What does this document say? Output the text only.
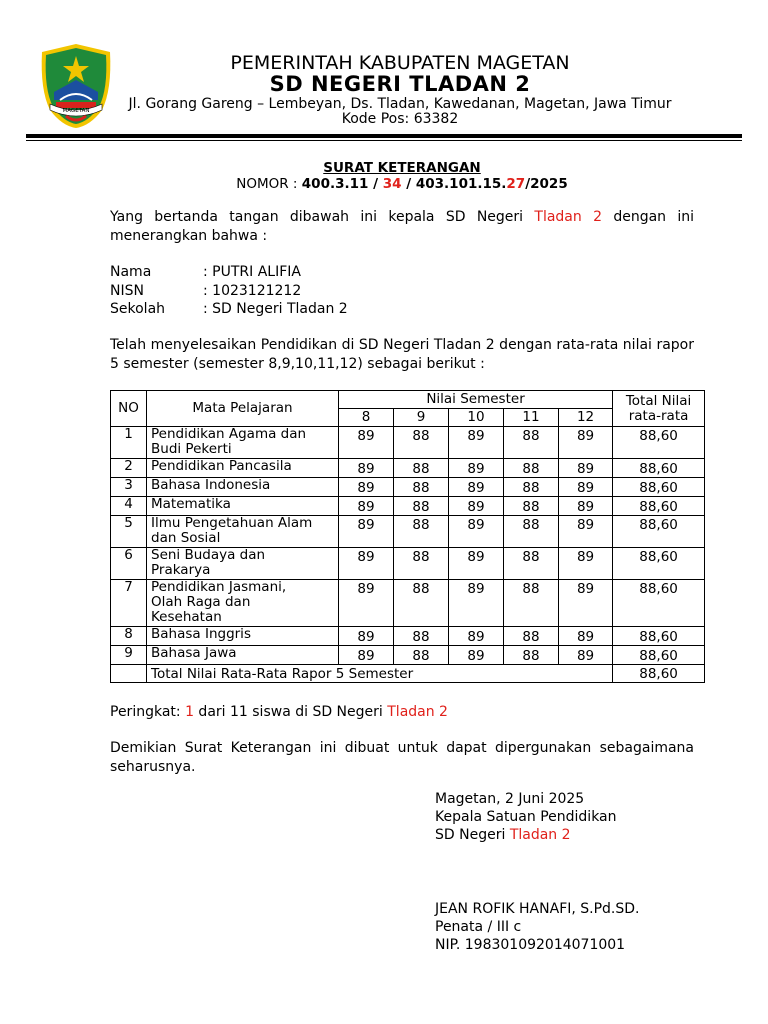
MAGETAN
PEMERINTAH KABUPATEN MAGETAN
SD NEGERI TLADAN 2
Jl. Gorang Gareng – Lembeyan, Ds. Tladan, Kawedanan, Magetan, Jawa Timur
Kode Pos: 63382
SURAT KETERANGAN
NOMOR : 400.3.11 / 34 / 403.101.15.27/2025
Yang bertanda tangan dibawah ini kepala SD Negeri Tladan 2 dengan ini menerangkan bahwa :
Nama	: PUTRI ALIFIA
NISN	: 1023121212
Sekolah	: SD Negeri Tladan 2
Telah menyelesaikan Pendidikan di SD Negeri Tladan 2 dengan rata-rata nilai rapor 5 semester (semester 8,9,10,11,12) sebagai berikut :
NO	Mata Pelajaran	Nilai Semester					Total Nilai
rata-rata
		8	9	10	11	12	
1	Pendidikan Agama dan
Budi Pekerti	89	88	89	88	89	88,60
2	Pendidikan Pancasila	89	88	89	88	89	88,60
3	Bahasa Indonesia	89	88	89	88	89	88,60
4	Matematika	89	88	89	88	89	88,60
5	Ilmu Pengetahuan Alam
dan Sosial	89	88	89	88	89	88,60
6	Seni Budaya dan
Prakarya	89	88	89	88	89	88,60
7	Pendidikan Jasmani,
Olah Raga dan
Kesehatan	89	88	89	88	89	88,60
8	Bahasa Inggris	89	88	89	88	89	88,60
9	Bahasa Jawa	89	88	89	88	89	88,60
	Total Nilai Rata-Rata Rapor 5 Semester						88,60
Peringkat: 1 dari 11 siswa di SD Negeri Tladan 2
Demikian Surat Keterangan ini dibuat untuk dapat dipergunakan sebagaimana seharusnya.
Magetan, 2 Juni 2025
Kepala Satuan Pendidikan
SD Negeri Tladan 2
JEAN ROFIK HANAFI, S.Pd.SD.
Penata / III c
NIP. 198301092014071001
